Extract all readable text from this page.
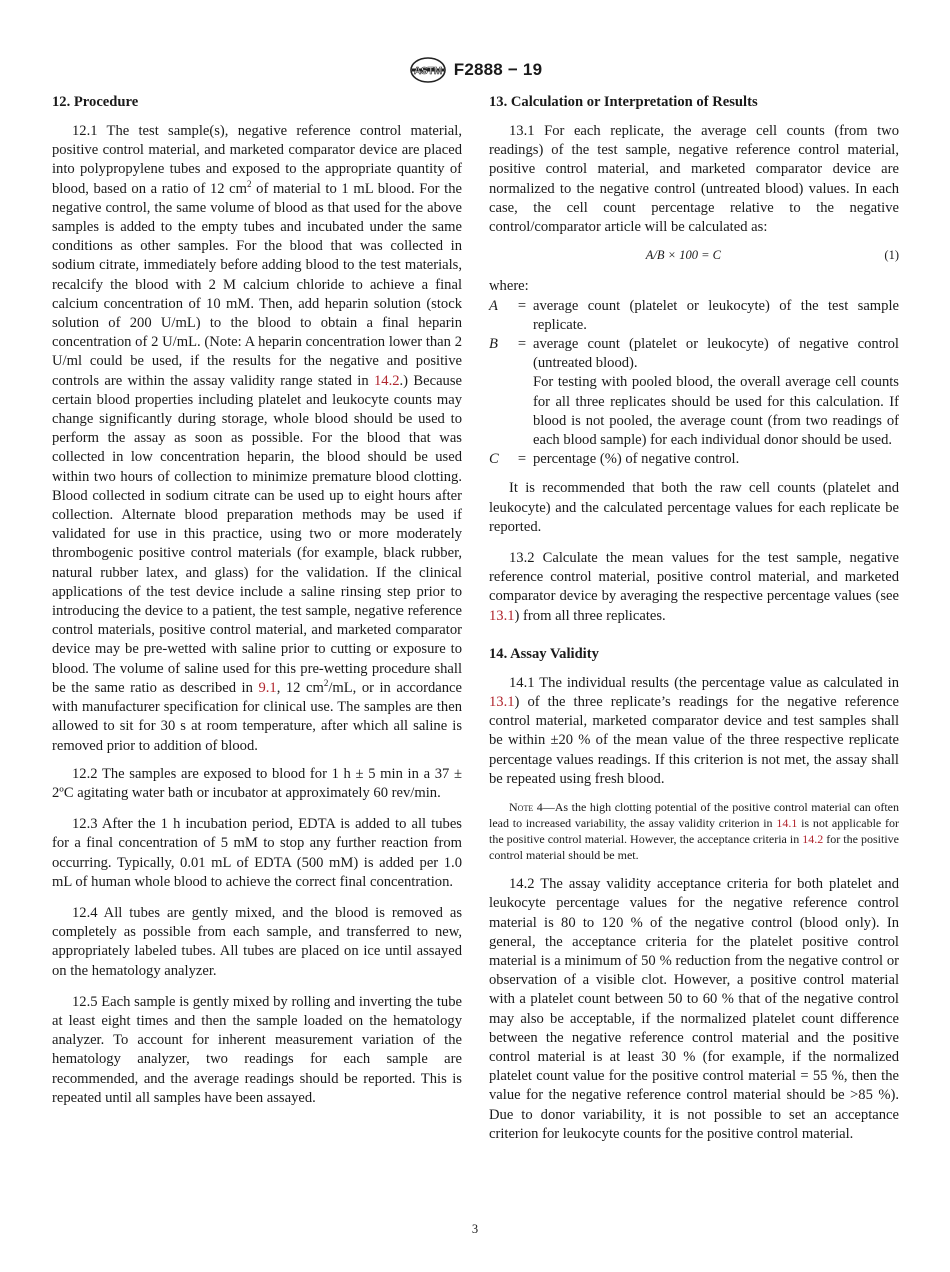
ASTM F2888 − 19
12. Procedure

12.1 The test sample(s), negative reference control material, positive control material, and marketed comparator device are placed into polypropylene tubes and exposed to the appropriate quantity of blood, based on a ratio of 12 $cm^2$ of material to 1 mL blood. For the negative control, the same volume of blood as that used for the above samples is added to the empty tubes and incubated under the same conditions as other samples. For the blood that was collected in sodium citrate, immediately before adding blood to the test materials, recalcify the blood with 2 M calcium chloride to achieve a final calcium concentration of 10 mM. Then, add heparin solution (stock solution of 200 U/mL) to the blood to obtain a final heparin concentration of 2 U/mL. (Note: A heparin concentration lower than 2 U/ml could be used, if the results for the negative and positive controls are within the assay validity range stated in 14.2.) Because certain blood properties including platelet and leukocyte counts may change significantly during storage, whole blood should be used to perform the assay as soon as possible. For the blood that was collected in low concentration heparin, the blood should be used within two hours of collection to minimize premature blood clotting. Blood collected in sodium citrate can be used up to eight hours after collection. Alternate blood preparation methods may be used if validated for use in this practice, using two or more moderately thrombogenic positive control materials (for example, black rubber, natural rubber latex, and glass) for the validation. If the clinical applications of the test device include a saline rinsing step prior to introducing the device to a patient, the test sample, negative reference control materials, positive control material, and marketed comparator device may be pre-wetted with saline prior to cutting or exposure to blood. The volume of saline used for this pre-wetting procedure shall be the same ratio as described in 9.1, 12 $cm^2/mL$, or in accordance with manufacturer specification for clinical use. The samples are then allowed to sit for 30 s at room temperature, after which all saline is removed prior to addition of blood.

12.2 The samples are exposed to blood for 1 h ± 5 min in a 37 ± 2ºC agitating water bath or incubator at approximately 60 rev/min.

12.3 After the 1 h incubation period, EDTA is added to all tubes for a final concentration of 5 mM to stop any further reaction from occurring. Typically, 0.01 mL of EDTA (500 mM) is added per 1.0 mL of human whole blood to achieve the correct final concentration.

12.4 All tubes are gently mixed, and the blood is removed as completely as possible from each sample, and transferred to new, appropriately labeled tubes. All tubes are placed on ice until assayed on the hematology analyzer.

12.5 Each sample is gently mixed by rolling and inverting the tube at least eight times and then the sample loaded on the hematology analyzer. To account for inherent measurement variation of the hematology analyzer, two readings for each sample are recommended, and the average readings should be reported. This is repeated until all samples have been assayed.

13. Calculation or Interpretation of Results

13.1 For each replicate, the average cell counts (from two readings) of the test sample, negative reference control material, positive control material, and marketed comparator device are normalized to the negative control (untreated blood) values. In each case, the cell count percentage relative to the negative control/comparator article will be calculated as:

A/B × 100 = C	(1)

where:

A	= average count (platelet or leukocyte) of the test sample replicate.
B	= average count (platelet or leukocyte) of negative control (untreated blood).
For testing with pooled blood, the overall average cell counts for all three replicates should be used for this calculation. If blood is not pooled, the average count (from two readings of each blood sample) for each individual donor should be used.
C	= percentage (%) of negative control.

It is recommended that both the raw cell counts (platelet and leukocyte) and the calculated percentage values for each replicate be reported.

13.2 Calculate the mean values for the test sample, negative reference control material, positive control material, and marketed comparator device by averaging the respective percentage values (see 13.1) from all three replicates.

14. Assay Validity

14.1 The individual results (the percentage value as calculated in 13.1) of the three replicate’s readings for the negative reference control material, marketed comparator device and test samples shall be within ±20 % of the mean value of the three respective replicate percentage values readings. If this criterion is not met, the assay shall be repeated using fresh blood.

Note 4—As the high clotting potential of the positive control material can often lead to increased variability, the assay validity criterion in 14.1 is not applicable for the positive control material. However, the acceptance criteria in 14.2 for the positive control material should be met.

14.2 The assay validity acceptance criteria for both platelet and leukocyte percentage values for the negative reference control material is 80 to 120 % of the negative control (blood only). In general, the acceptance criteria for the platelet positive control material is a minimum of 50 % reduction from the negative control or observation of a visible clot. However, a positive control material with a platelet count between 50 to 60 % that of the negative control may also be acceptable, if the normalized platelet count difference between the negative reference control material and the positive control material is at least 30 % (for example, if the normalized platelet count value for the positive control material = 55 %, then the value for the negative reference control material should be >85 %). Due to donor variability, it is not possible to set an acceptance criterion for leukocyte counts for the positive control material.

3
